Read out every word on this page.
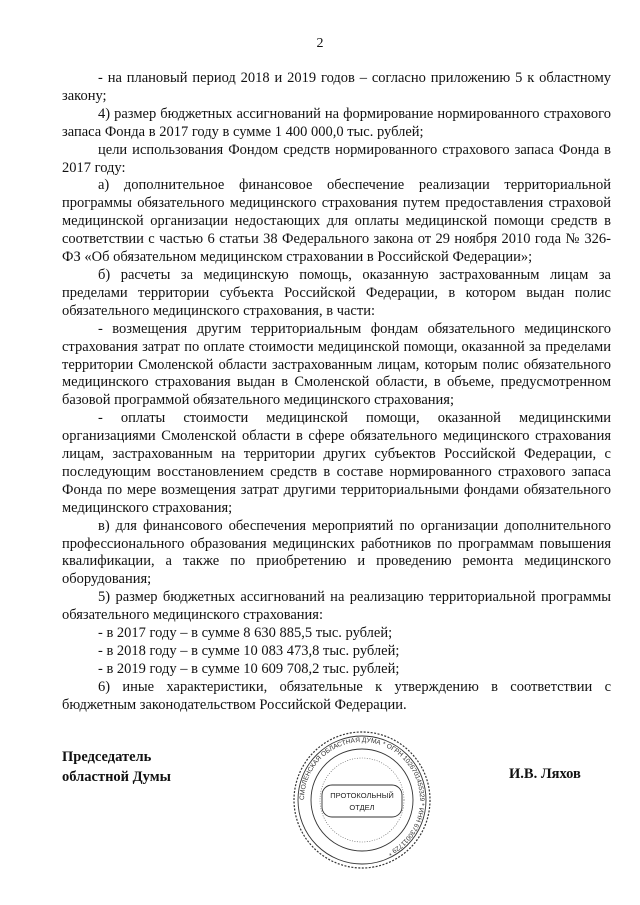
2

- на плановый период 2018 и 2019 годов – согласно приложению 5 к областному закону;

4) размер бюджетных ассигнований на формирование нормированного страхового запаса Фонда в 2017 году в сумме 1 400 000,0 тыс. рублей;

цели использования Фондом средств нормированного страхового запаса Фонда в 2017 году:

а) дополнительное финансовое обеспечение реализации территориальной программы обязательного медицинского страхования путем предоставления страховой медицинской организации недостающих для оплаты медицинской помощи средств в соответствии с частью 6 статьи 38 Федерального закона от 29 ноября 2010 года № 326-ФЗ «Об обязательном медицинском страховании в Российской Федерации»;

б) расчеты за медицинскую помощь, оказанную застрахованным лицам за пределами территории субъекта Российской Федерации, в котором выдан полис обязательного медицинского страхования, в части:

- возмещения другим территориальным фондам обязательного медицинского страхования затрат по оплате стоимости медицинской помощи, оказанной за пределами территории Смоленской области застрахованным лицам, которым полис обязательного медицинского страхования выдан в Смоленской области, в объеме, предусмотренном базовой программой обязательного медицинского страхования;

- оплаты стоимости медицинской помощи, оказанной медицинскими организациями Смоленской области в сфере обязательного медицинского страхования лицам, застрахованным на территории других субъектов Российской Федерации, с последующим восстановлением средств в составе нормированного страхового запаса Фонда по мере возмещения затрат другими территориальными фондами обязательного медицинского страхования;

в) для финансового обеспечения мероприятий по организации дополнительного профессионального образования медицинских работников по программам повышения квалификации, а также по приобретению и проведению ремонта медицинского оборудования;

5) размер бюджетных ассигнований на реализацию территориальной программы обязательного медицинского страхования:

- в 2017 году – в сумме 8 630 885,5 тыс. рублей;

- в 2018 году – в сумме 10 083 473,8 тыс. рублей;

- в 2019 году – в сумме 10 609 708,2 тыс. рублей;

6) иные характеристики, обязательные к утверждению в соответствии с бюджетным законодательством Российской Федерации.

Председатель
областной Думы
СМОЛЕНСКАЯ ОБЛАСТНАЯ ДУМА * ОГРН 1026701455329 * ИНН 6730011729 *
ПРОТОКОЛЬНЫЙ
ОТДЕЛ
И.В. Ляхов
